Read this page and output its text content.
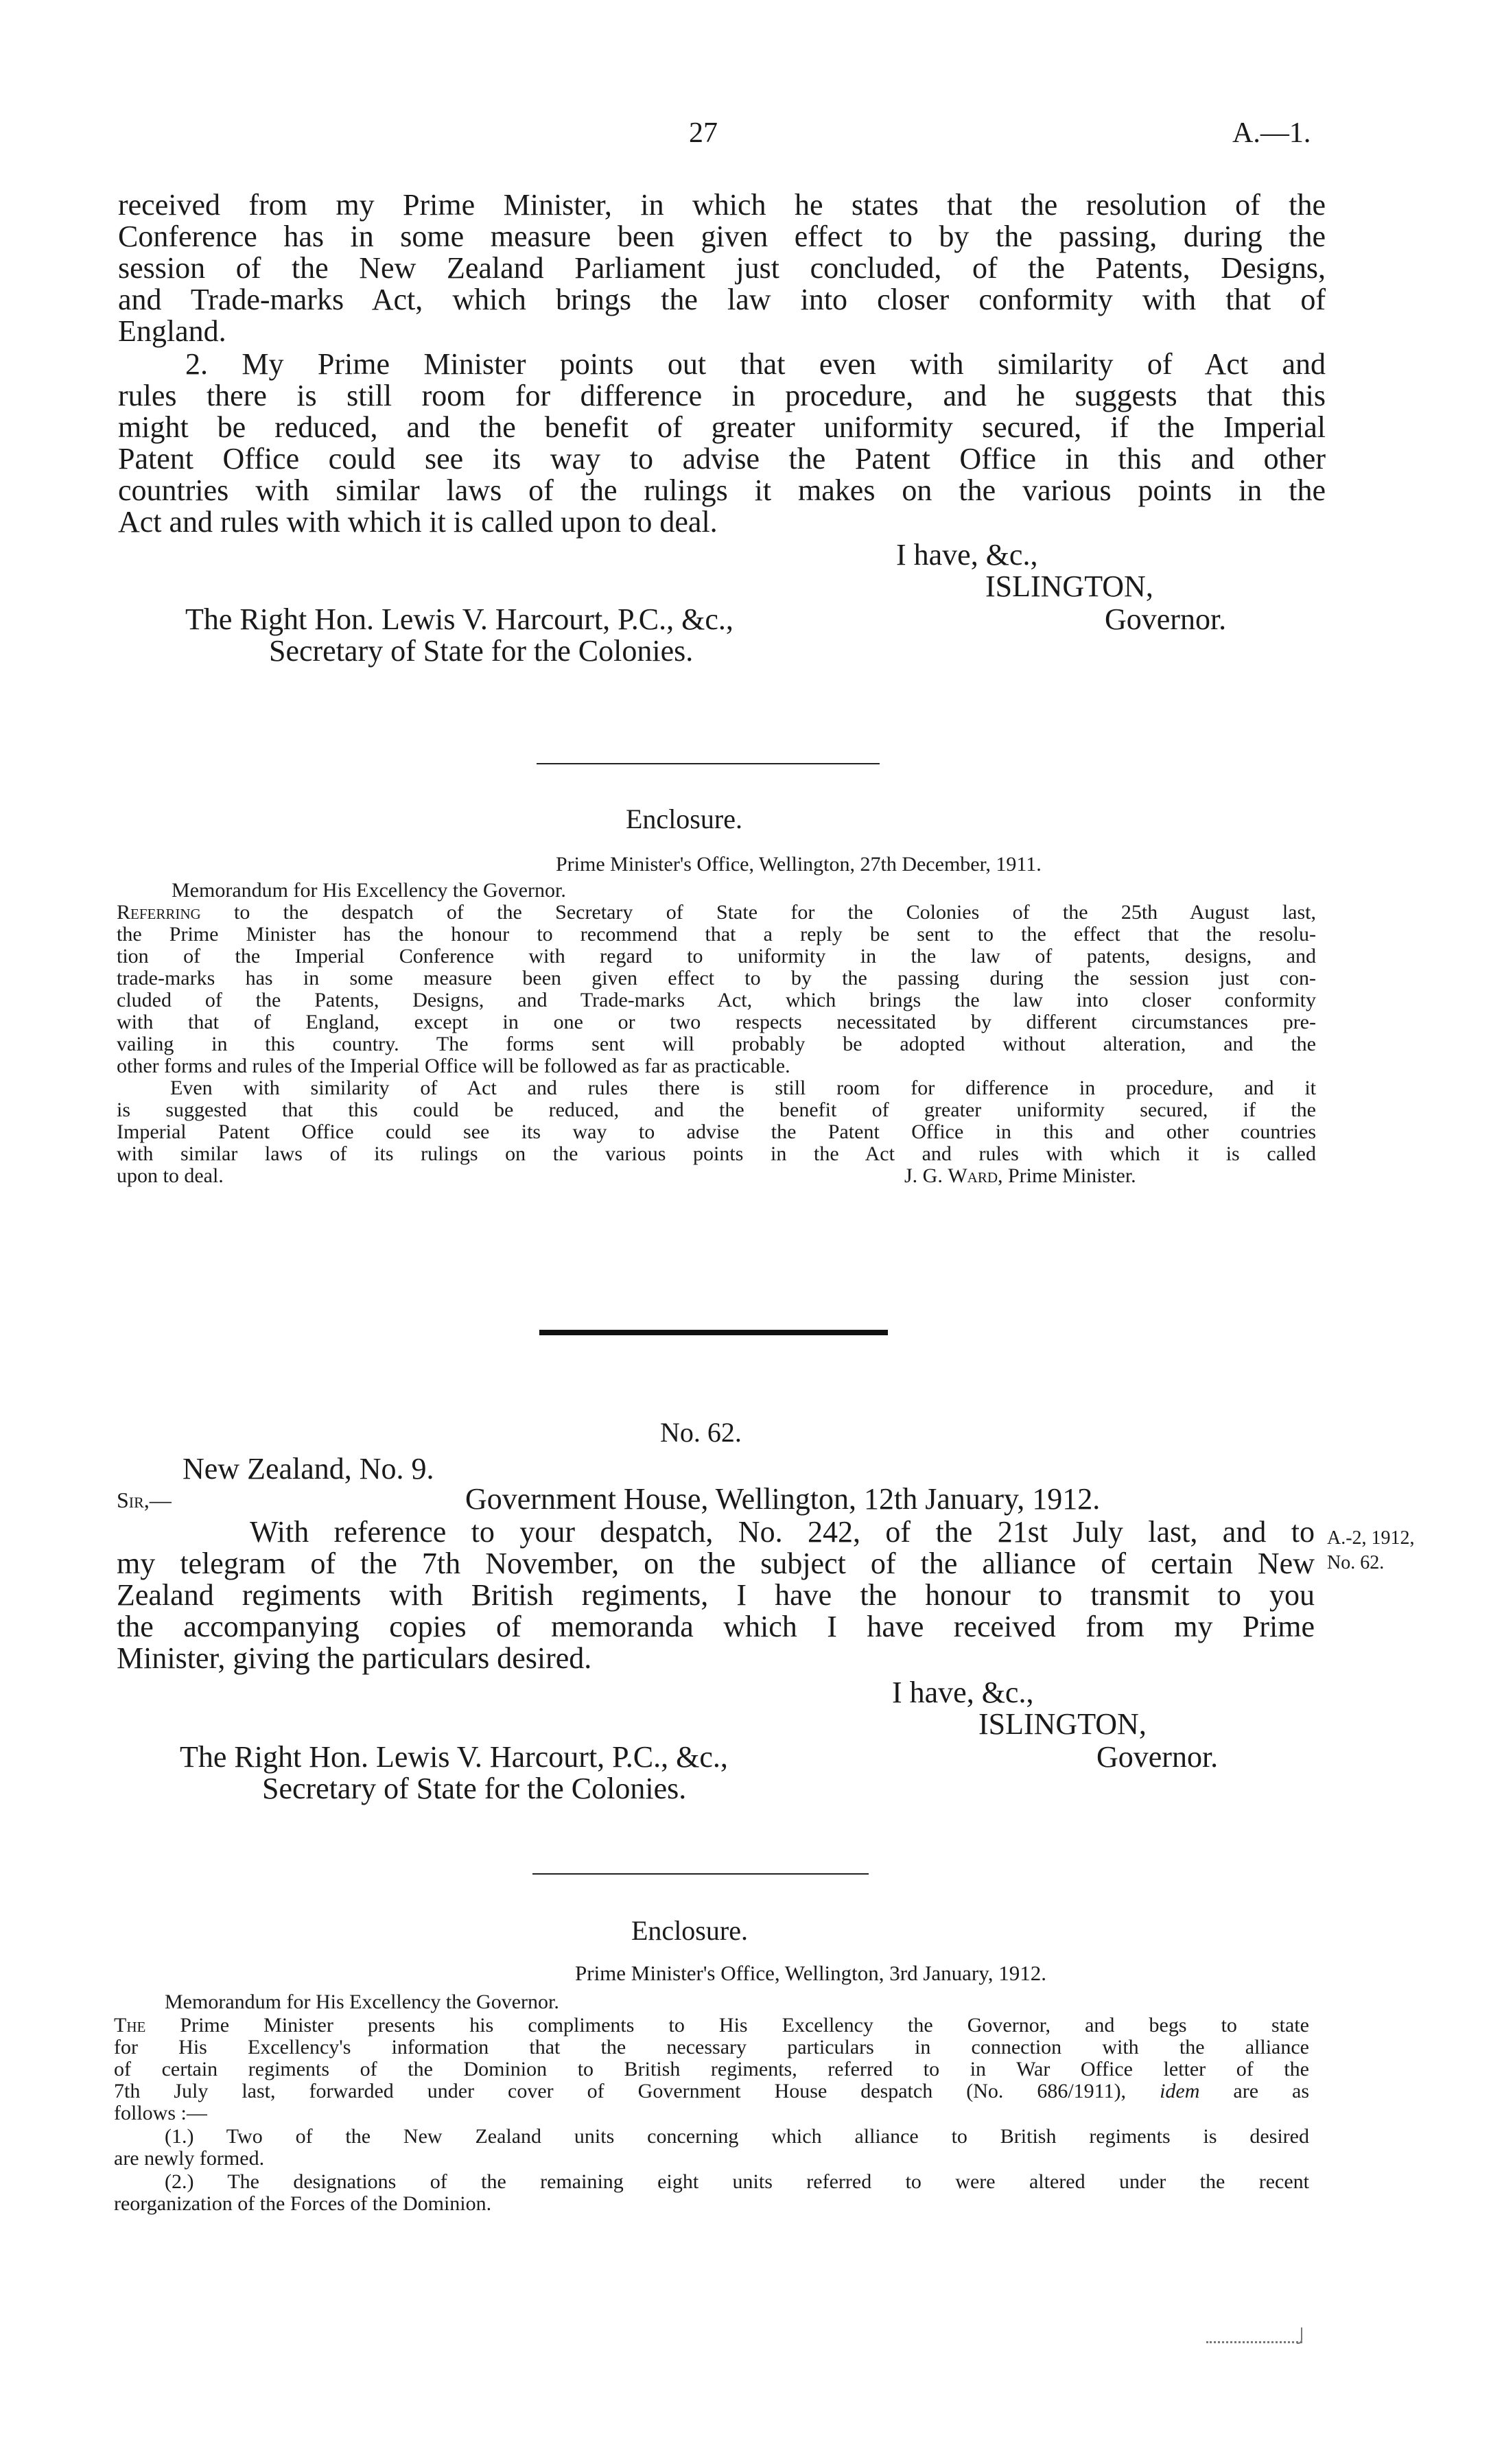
27	A.—1.
received from my Prime Minister, in which he states that the resolution of the
Conference has in some measure been given effect to by the passing, during the
session of the New Zealand Parliament just concluded, of the Patents, Designs,
and Trade-marks Act, which brings the law into closer conformity with that of
England.
2. My Prime Minister points out that even with similarity of Act and
rules there is still room for difference in procedure, and he suggests that this
might be reduced, and the benefit of greater uniformity secured, if the Imperial
Patent Office could see its way to advise the Patent Office in this and other
countries with similar laws of the rulings it makes on the various points in the
Act and rules with which it is called upon to deal.
I have, &c.,
ISLINGTON,
The Right Hon. Lewis V. Harcourt, P.C., &c.,	Governor.
Secretary of State for the Colonies.
Enclosure.
Prime Minister's Office, Wellington, 27th December, 1911.
Memorandum for His Excellency the Governor.
Referring to the despatch of the Secretary of State for the Colonies of the 25th August last,
the Prime Minister has the honour to recommend that a reply be sent to the effect that the resolu-
tion of the Imperial Conference with regard to uniformity in the law of patents, designs, and
trade-marks has in some measure been given effect to by the passing during the session just con-
cluded of the Patents, Designs, and Trade-marks Act, which brings the law into closer conformity
with that of England, except in one or two respects necessitated by different circumstances pre-
vailing in this country. The forms sent will probably be adopted without alteration, and the
other forms and rules of the Imperial Office will be followed as far as practicable.
Even with similarity of Act and rules there is still room for difference in procedure, and it
is suggested that this could be reduced, and the benefit of greater uniformity secured, if the
Imperial Patent Office could see its way to advise the Patent Office in this and other countries
with similar laws of its rulings on the various points in the Act and rules with which it is called
upon to deal.	J. G. Ward, Prime Minister.
No. 62.
New Zealand, No. 9.
Sir,—	Government House, Wellington, 12th January, 1912.
With reference to your despatch, No. 242, of the 21st July last, and to
my telegram of the 7th November, on the subject of the alliance of certain New
Zealand regiments with British regiments, I have the honour to transmit to you
the accompanying copies of memoranda which I have received from my Prime
Minister, giving the particulars desired.
A.-2, 1912,
No. 62.
I have, &c.,
ISLINGTON,
The Right Hon. Lewis V. Harcourt, P.C., &c.,	Governor.
Secretary of State for the Colonies.
Enclosure.
Prime Minister's Office, Wellington, 3rd January, 1912.
Memorandum for His Excellency the Governor.
The Prime Minister presents his compliments to His Excellency the Governor, and begs to state
for His Excellency's information that the necessary particulars in connection with the alliance
of certain regiments of the Dominion to British regiments, referred to in War Office letter of the
7th July last, forwarded under cover of Government House despatch (No. 686/1911), idem are as
follows :—
(1.) Two of the New Zealand units concerning which alliance to British regiments is desired
are newly formed.
(2.) The designations of the remaining eight units referred to were altered under the recent
reorganization of the Forces of the Dominion.
